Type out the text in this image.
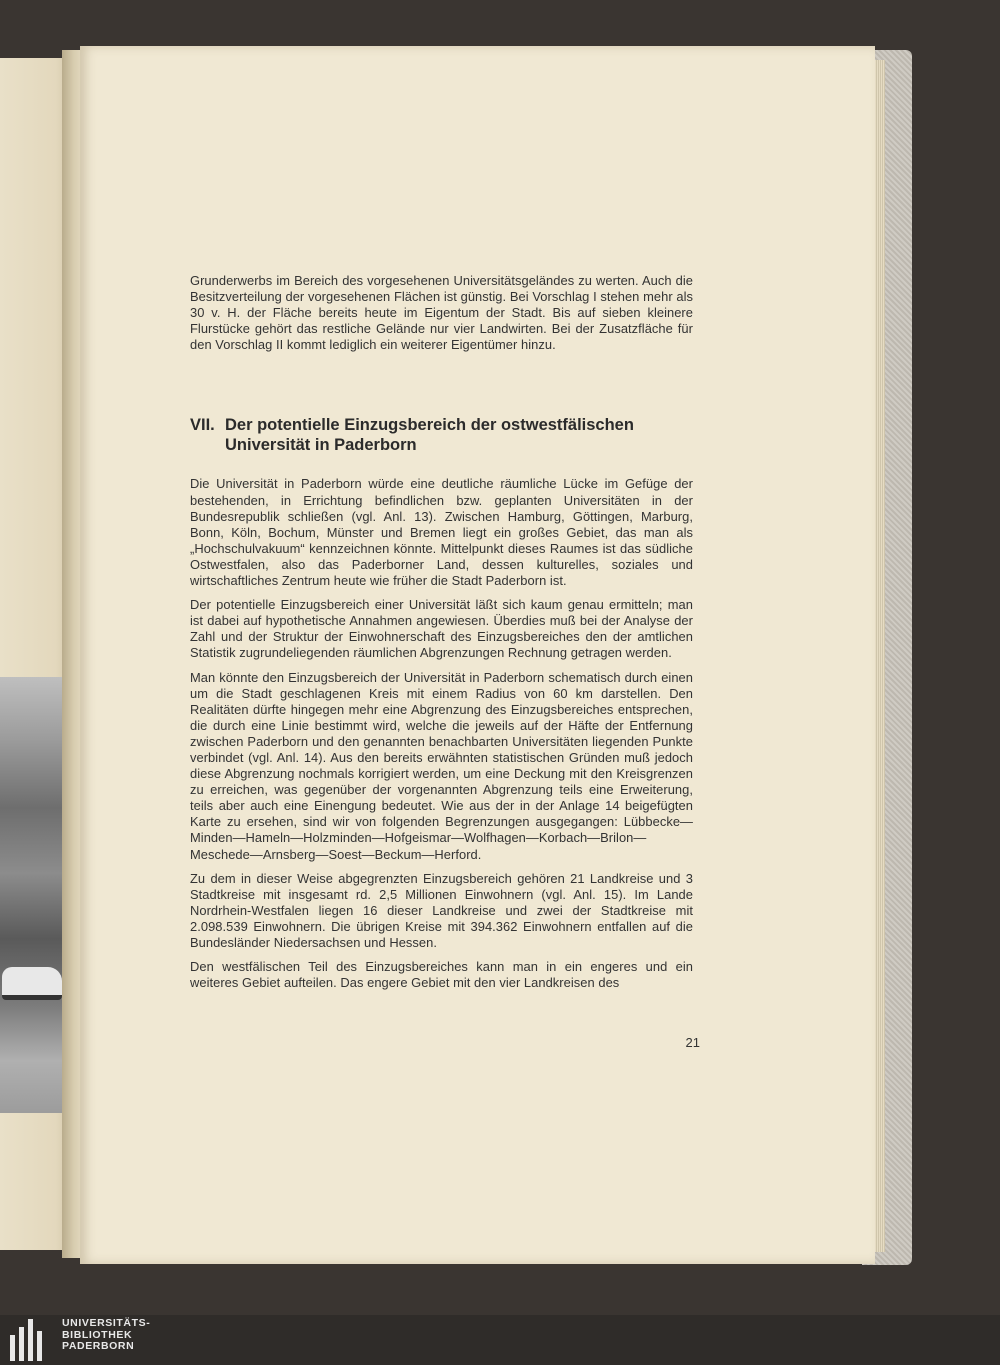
Grunderwerbs im Bereich des vorgesehenen Universitätsgeländes zu werten. Auch die Besitzverteilung der vorgesehenen Flächen ist günstig. Bei Vorschlag I stehen mehr als 30 v. H. der Fläche bereits heute im Eigentum der Stadt. Bis auf sieben kleinere Flurstücke gehört das restliche Gelände nur vier Landwirten. Bei der Zusatzfläche für den Vorschlag II kommt lediglich ein weiterer Eigentümer hinzu.

VII. Der potentielle Einzugsbereich der ostwestfälischen Universität in Paderborn

Die Universität in Paderborn würde eine deutliche räumliche Lücke im Gefüge der bestehenden, in Errichtung befindlichen bzw. geplanten Universitäten in der Bundesrepublik schließen (vgl. Anl. 13). Zwischen Hamburg, Göttingen, Marburg, Bonn, Köln, Bochum, Münster und Bremen liegt ein großes Gebiet, das man als „Hochschulvakuum“ kennzeichnen könnte. Mittelpunkt dieses Raumes ist das südliche Ostwestfalen, also das Paderborner Land, dessen kulturelles, soziales und wirtschaftliches Zentrum heute wie früher die Stadt Paderborn ist.

Der potentielle Einzugsbereich einer Universität läßt sich kaum genau ermitteln; man ist dabei auf hypothetische Annahmen angewiesen. Überdies muß bei der Analyse der Zahl und der Struktur der Einwohnerschaft des Einzugsbereiches den der amtlichen Statistik zugrundeliegenden räumlichen Abgrenzungen Rechnung getragen werden.

Man könnte den Einzugsbereich der Universität in Paderborn schematisch durch einen um die Stadt geschlagenen Kreis mit einem Radius von 60 km darstellen. Den Realitäten dürfte hingegen mehr eine Abgrenzung des Einzugsbereiches entsprechen, die durch eine Linie bestimmt wird, welche die jeweils auf der Häfte der Entfernung zwischen Paderborn und den genannten benachbarten Universitäten liegenden Punkte verbindet (vgl. Anl. 14). Aus den bereits erwähnten statistischen Gründen muß jedoch diese Abgrenzung nochmals korrigiert werden, um eine Deckung mit den Kreisgrenzen zu erreichen, was gegenüber der vorgenannten Abgrenzung teils eine Erweiterung, teils aber auch eine Einengung bedeutet. Wie aus der in der Anlage 14 beigefügten Karte zu ersehen, sind wir von folgenden Begrenzungen ausgegangen: Lübbecke—Minden—Hameln—Holzminden—Hofgeismar—Wolfhagen—Korbach—Brilon—Meschede—Arnsberg—Soest—Beckum—Herford.

Zu dem in dieser Weise abgegrenzten Einzugsbereich gehören 21 Landkreise und 3 Stadtkreise mit insgesamt rd. 2,5 Millionen Einwohnern (vgl. Anl. 15). Im Lande Nordrhein-Westfalen liegen 16 dieser Landkreise und zwei der Stadtkreise mit 2.098.539 Einwohnern. Die übrigen Kreise mit 394.362 Einwohnern entfallen auf die Bundesländer Niedersachsen und Hessen.

Den westfälischen Teil des Einzugsbereiches kann man in ein engeres und ein weiteres Gebiet aufteilen. Das engere Gebiet mit den vier Landkreisen des

21
UNIVERSITÄTS-
BIBLIOTHEK
PADERBORN
